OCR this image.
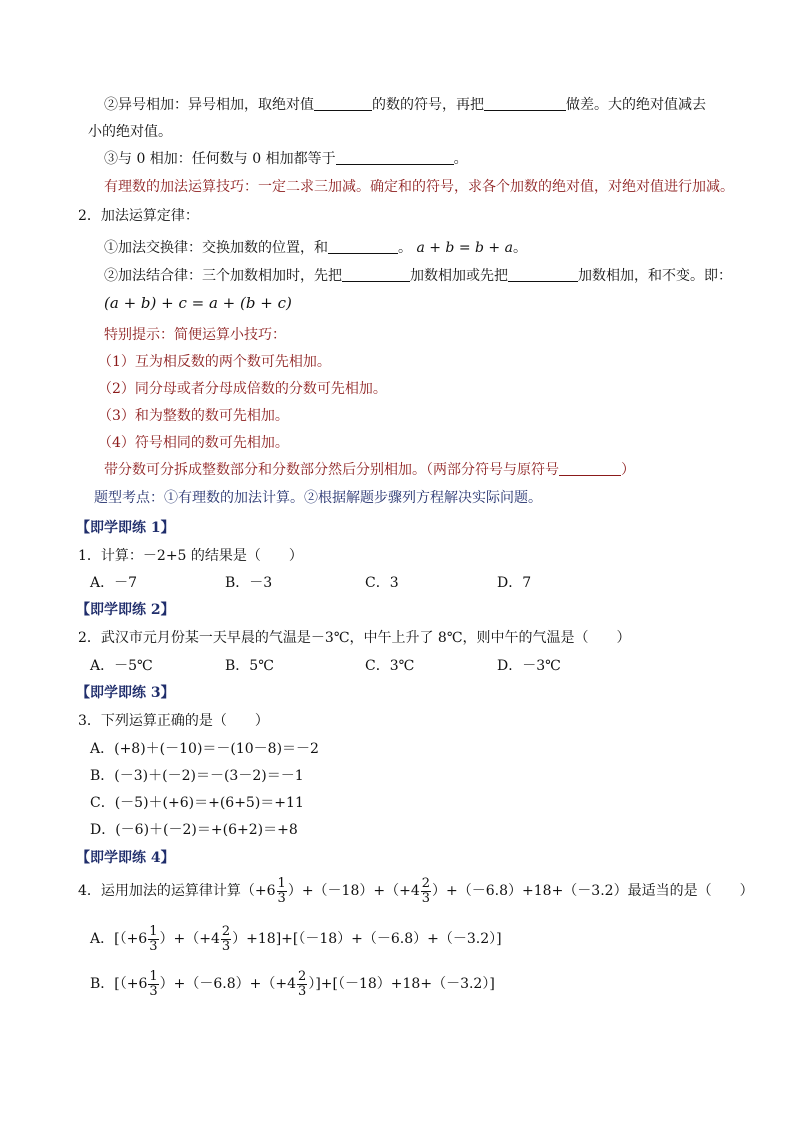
②异号相加：异号相加，取绝对值	的数的符号，再把	做差。大的绝对值减去
小的绝对值。
③与 0 相加：任何数与 0 相加都等于	。
有理数的加法运算技巧：一定二求三加减。确定和的符号，求各个加数的绝对值，对绝对值进行加减。
2．加法运算定律：
①加法交换律：交换加数的位置，和	。 a + b = b + a。
②加法结合律：三个加数相加时，先把	加数相加或先把	加数相加，和不变。即：
(a + b) + c = a + (b + c)
特别提示：简便运算小技巧：
（1）互为相反数的两个数可先相加。
（2）同分母或者分母成倍数的分数可先相加。
（3）和为整数的数可先相加。
（4）符号相同的数可先相加。
带分数可分拆成整数部分和分数部分然后分别相加。（两部分符号与原符号	）
题型考点：①有理数的加法计算。②根据解题步骤列方程解决实际问题。
【即学即练 1】
1．计算：－2+5 的结果是（　　）
A．－7	B．－3	C．3	D．7
【即学即练 2】
2．武汉市元月份某一天早晨的气温是－3℃，中午上升了 8℃，则中午的气温是（　　）
A．－5℃	B．5℃	C．3℃	D．－3℃
【即学即练 3】
3．下列运算正确的是（　　）
A．(+8)＋(－10)＝－(10－8)＝－2
B．(－3)＋(－2)＝－(3－2)＝－1
C．(－5)＋(+6)＝+(6+5)＝+11
D．(－6)＋(－2)＝+(6+2)＝+8
【即学即练 4】
4．运用加法的运算律计算$(+6 \frac{1}{3} )+(-18)+(+4 \frac{2}{3} )+(-6.8)+18+(-3.2)$最适当的是（　　）
A．$[(+6 \frac{1}{3} )+(+4 \frac{2}{3} )+18]+[(-18)+(-6.8)+(-3.2)]$
B．$[(+6 \frac{1}{3} )+(-6.8)+(+4 \frac{2}{3} )]+[(-18)+18+(-3.2)]$
